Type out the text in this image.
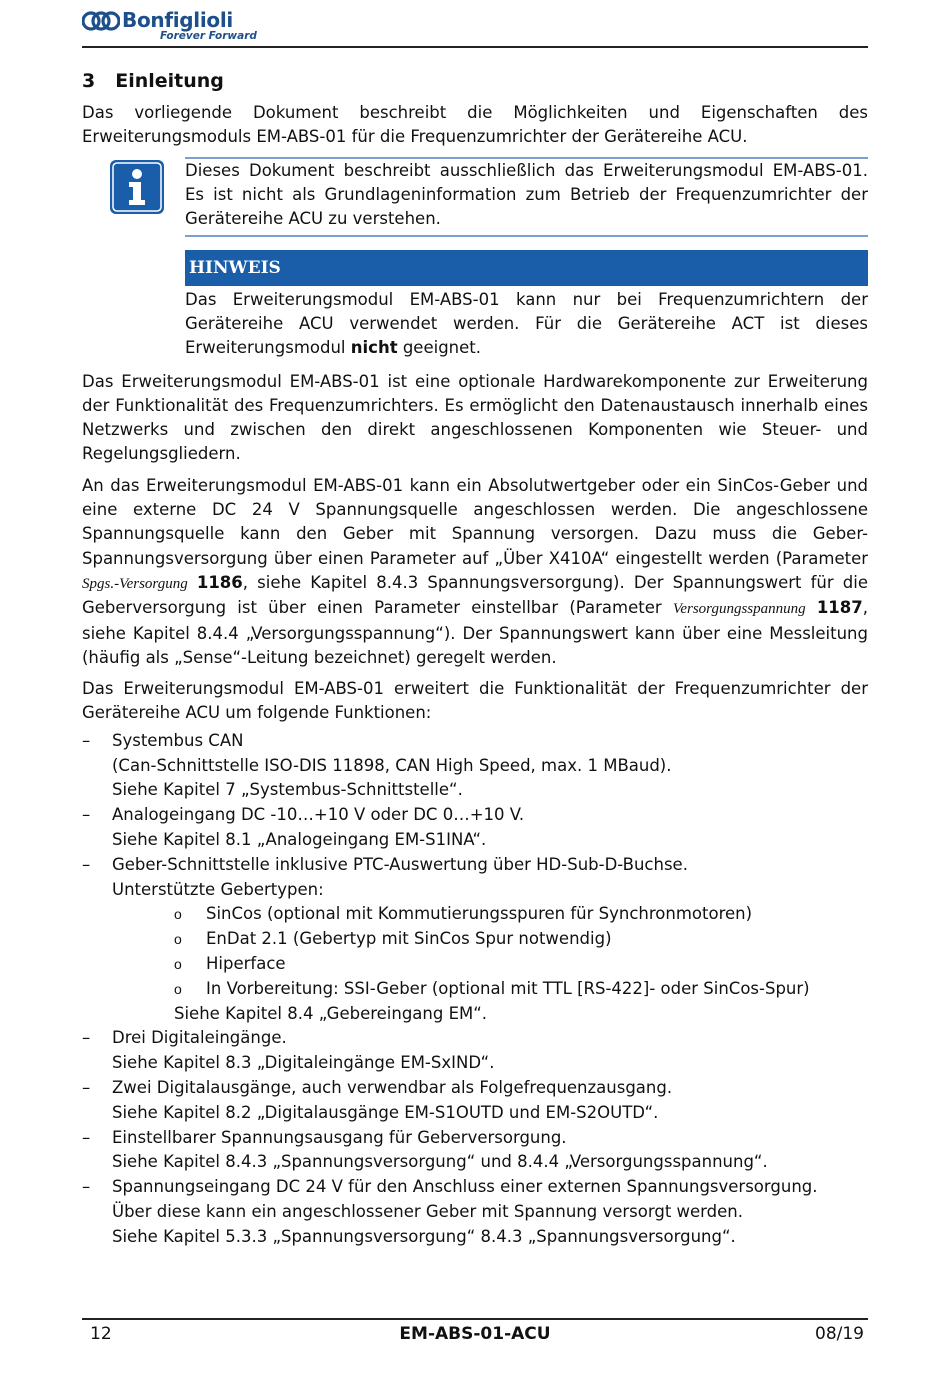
Bonfiglioli
Forever Forward
3 Einleitung

Das vorliegende Dokument beschreibt die Möglichkeiten und Eigenschaften des Erweiterungsmoduls EM-ABS-01 für die Frequenzumrichter der Gerätereihe ACU.

Dieses Dokument beschreibt ausschließlich das Erweiterungsmodul EM-ABS-01. Es ist nicht als Grundlageninformation zum Betrieb der Frequenzumrichter der Gerätereihe ACU zu verstehen.
HINWEIS
Das Erweiterungsmodul EM-ABS-01 kann nur bei Frequenzumrichtern der Gerätereihe ACU verwendet werden. Für die Gerätereihe ACT ist dieses Erweiterungsmodul nicht geeignet.

Das Erweiterungsmodul EM-ABS-01 ist eine optionale Hardwarekomponente zur Erweiterung der Funktionalität des Frequenzumrichters. Es ermöglicht den Datenaustausch innerhalb eines Netzwerks und zwischen den direkt angeschlossenen Komponenten wie Steuer- und Regelungsgliedern.

An das Erweiterungsmodul EM-ABS-01 kann ein Absolutwertgeber oder ein SinCos-Geber und eine externe DC 24 V Spannungsquelle angeschlossen werden. Die angeschlossene Spannungsquelle kann den Geber mit Spannung versorgen. Dazu muss die Geber-Spannungsversorgung über einen Parameter auf „Über X410A“ eingestellt werden (Parameter Spgs.-Versorgung 1186, siehe Kapitel 8.4.3 Spannungsversorgung). Der Spannungswert für die Geberversorgung ist über einen Parameter einstellbar (Parameter Versorgungsspannung 1187, siehe Kapitel 8.4.4 „Versorgungsspannung“). Der Spannungswert kann über eine Messleitung (häufig als „Sense“-Leitung bezeichnet) geregelt werden.

Das Erweiterungsmodul EM-ABS-01 erweitert die Funktionalität der Frequenzumrichter der Gerätereihe ACU um folgende Funktionen:

– Systembus CAN
(Can-Schnittstelle ISO-DIS 11898, CAN High Speed, max. 1 MBaud).
Siehe Kapitel 7 „Systembus-Schnittstelle“.
– Analogeingang DC -10…+10 V oder DC 0…+10 V.
Siehe Kapitel 8.1 „Analogeingang EM-S1INA“.
– Geber-Schnittstelle inklusive PTC-Auswertung über HD-Sub-D-Buchse.
Unterstützte Gebertypen:
o SinCos (optional mit Kommutierungsspuren für Synchronmotoren)
o EnDat 2.1 (Gebertyp mit SinCos Spur notwendig)
o Hiperface
o In Vorbereitung: SSI-Geber (optional mit TTL [RS-422]- oder SinCos-Spur)
Siehe Kapitel 8.4 „Gebereingang EM“.
– Drei Digitaleingänge.
Siehe Kapitel 8.3 „Digitaleingänge EM-SxIND“.
– Zwei Digitalausgänge, auch verwendbar als Folgefrequenzausgang.
Siehe Kapitel 8.2 „Digitalausgänge EM-S1OUTD und EM-S2OUTD“.
– Einstellbarer Spannungsausgang für Geberversorgung.
Siehe Kapitel 8.4.3 „Spannungsversorgung“ und 8.4.4 „Versorgungsspannung“.
– Spannungseingang DC 24 V für den Anschluss einer externen Spannungsversorgung.
Über diese kann ein angeschlossener Geber mit Spannung versorgt werden.
Siehe Kapitel 5.3.3 „Spannungsversorgung“ 8.4.3 „Spannungsversorgung“.
12	EM-ABS-01-ACU	08/19
